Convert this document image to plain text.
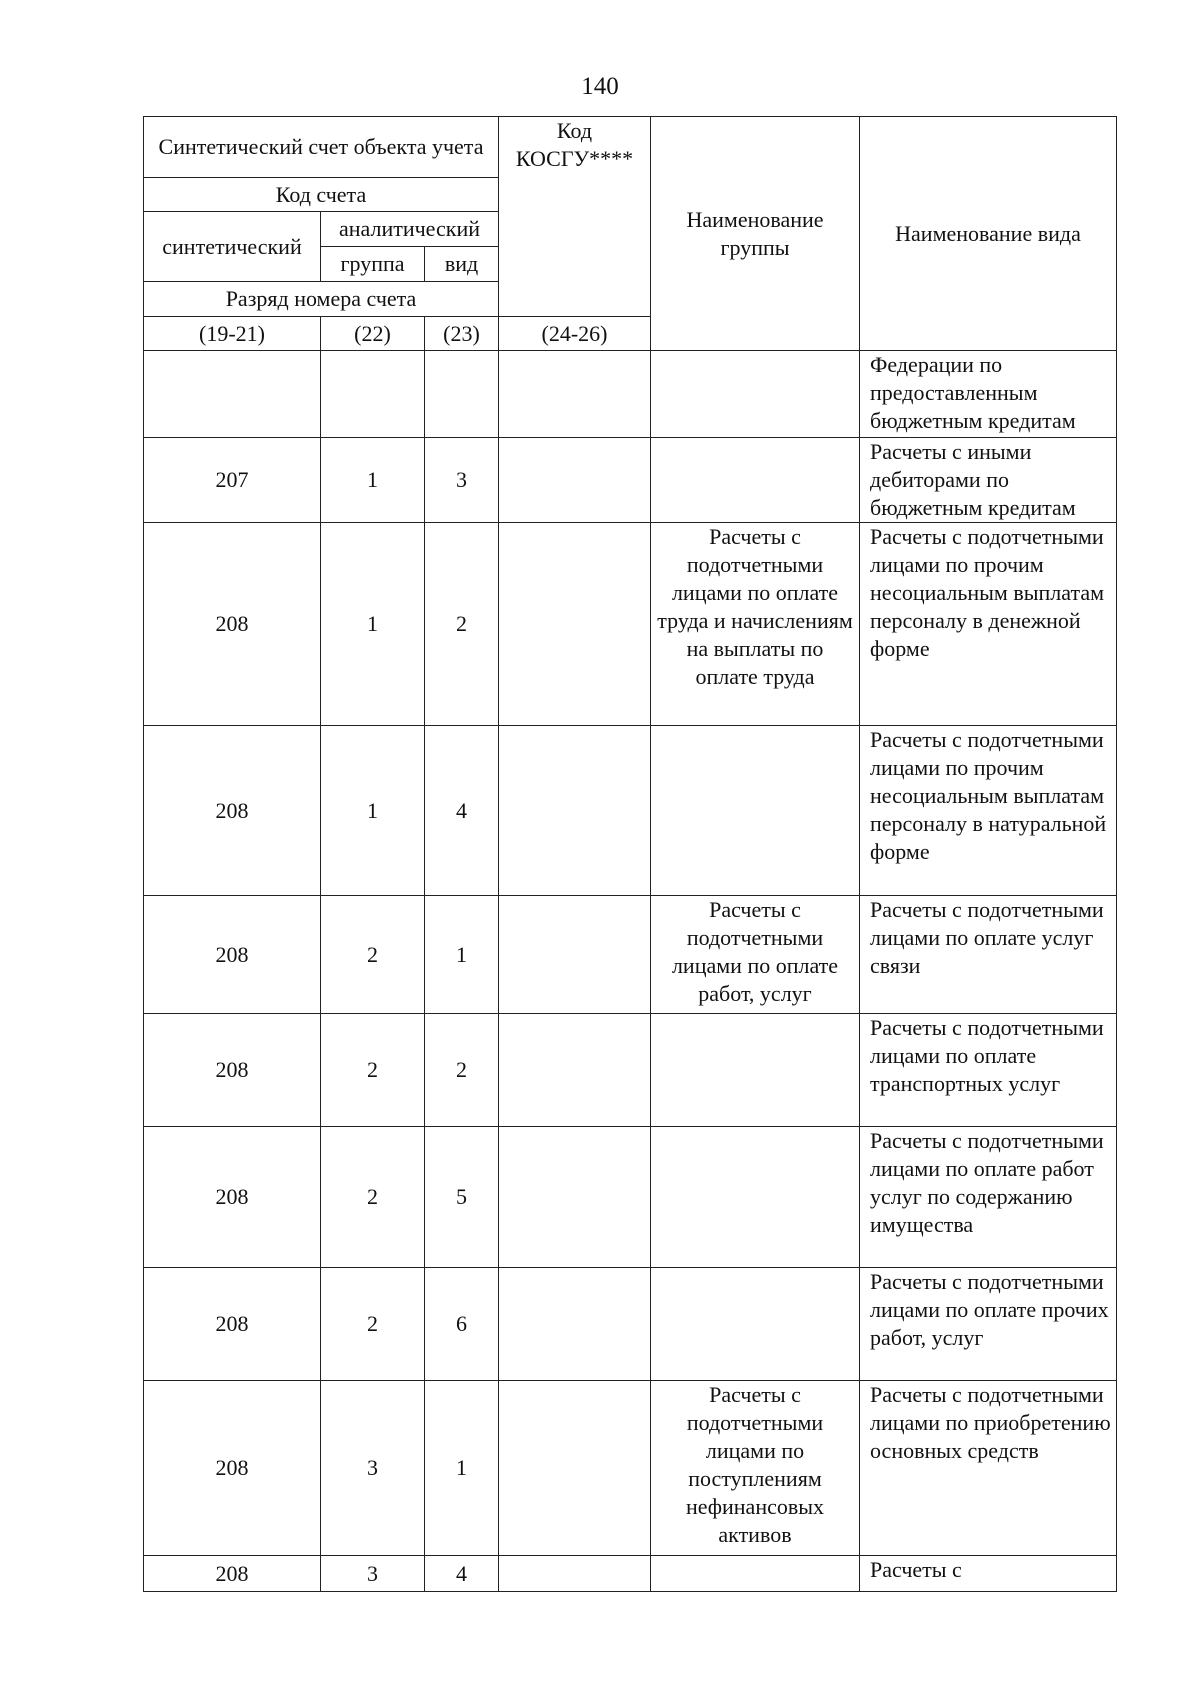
140
Синтетический счет объекта учета			Код КОСГУ****	Наименование группы	Наименование вида
Код счета					
синтетический	аналитический				
	группа	вид			
Разряд номера счета					
(19-21)	(22)	(23)	(24-26)		
					Федерации по предоставленным бюджетным кредитам
207	1	3			Расчеты с иными дебиторами по бюджетным кредитам
208	1	2		Расчеты с подотчетными лицами по оплате труда и начислениям на выплаты по оплате труда	Расчеты с подотчетными лицами по прочим несоциальным выплатам персоналу в денежной форме
208	1	4			Расчеты с подотчетными лицами по прочим несоциальным выплатам персоналу в натуральной форме
208	2	1		Расчеты с подотчетными лицами по оплате работ, услуг	Расчеты с подотчетными лицами по оплате услуг связи
208	2	2			Расчеты с подотчетными лицами по оплате транспортных услуг
208	2	5			Расчеты с подотчетными лицами по оплате работ услуг по содержанию имущества
208	2	6			Расчеты с подотчетными лицами по оплате прочих работ, услуг
208	3	1		Расчеты с подотчетными лицами по поступлениям нефинансовых активов	Расчеты с подотчетными лицами по приобретению основных средств
208	3	4			Расчеты с
